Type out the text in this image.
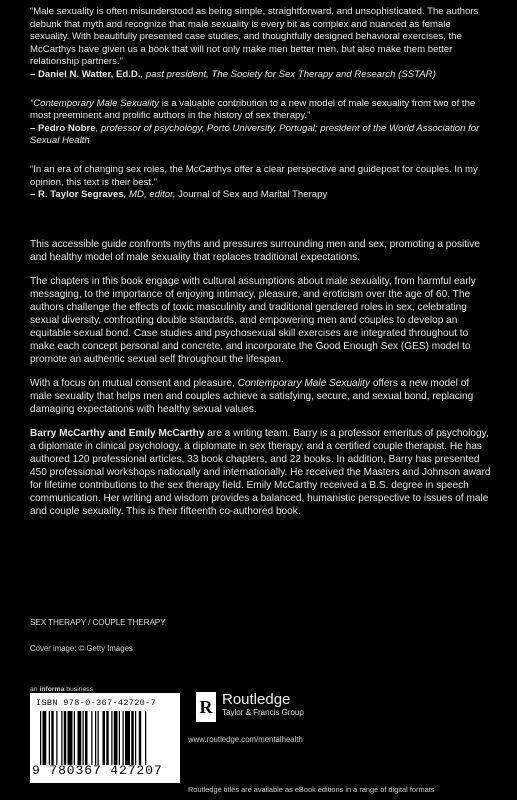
“Male sexuality is often misunderstood as being simple, straightforward, and unsophisticated. The authors debunk that myth and recognize that male sexuality is every bit as complex and nuanced as female sexuality. With beautifully presented case studies, and thoughtfully designed behavioral exercises, the McCarthys have given us a book that will not only make men better men, but also make them better relationship partners.”
– Daniel N. Watter, Ed.D., past president, The Society for Sex Therapy and Research (SSTAR)

“Contemporary Male Sexuality is a valuable contribution to a new model of male sexuality from two of the most preeminent and prolific authors in the history of sex therapy.”
– Pedro Nobre, professor of psychology, Porto University, Portugal; president of the World Association for Sexual Health

“In an era of changing sex roles, the McCarthys offer a clear perspective and guidepost for couples. In my opinion, this text is their best.”
– R. Taylor Segraves, MD, editor, Journal of Sex and Marital Therapy

This accessible guide confronts myths and pressures surrounding men and sex, promoting a positive and healthy model of male sexuality that replaces traditional expectations.

The chapters in this book engage with cultural assumptions about male sexuality, from harmful early messaging, to the importance of enjoying intimacy, pleasure, and eroticism over the age of 60. The authors challenge the effects of toxic masculinity and traditional gendered roles in sex, celebrating sexual diversity, confronting double standards, and empowering men and couples to develop an equitable sexual bond. Case studies and psychosexual skill exercises are integrated throughout to make each concept personal and concrete, and incorporate the Good Enough Sex (GES) model to promote an authentic sexual self throughout the lifespan.

With a focus on mutual consent and pleasure, Contemporary Male Sexuality offers a new model of male sexuality that helps men and couples achieve a satisfying, secure, and sexual bond, replacing damaging expectations with healthy sexual values.

Barry McCarthy and Emily McCarthy are a writing team. Barry is a professor emeritus of psychology, a diplomate in clinical psychology, a diplomate in sex therapy, and a certified couple therapist. He has authored 120 professional articles, 33 book chapters, and 22 books. In addition, Barry has presented 450 professional workshops nationally and internationally. He received the Masters and Johnson award for lifetime contributions to the sex therapy field. Emily McCarthy received a B.S. degree in speech communication. Her writing and wisdom provides a balanced, humanistic perspective to issues of male and couple sexuality. This is their fifteenth co-authored book.

SEX THERAPY / COUPLE THERAPY
Cover image: © Getty Images
an informa business
ISBN 978-0-367-42720-7
9 780367 427207
R Routledge
Taylor & Francis Group
www.routledge.com/mentalhealth
Routledge titles are available as eBook editions in a range of digital formats
